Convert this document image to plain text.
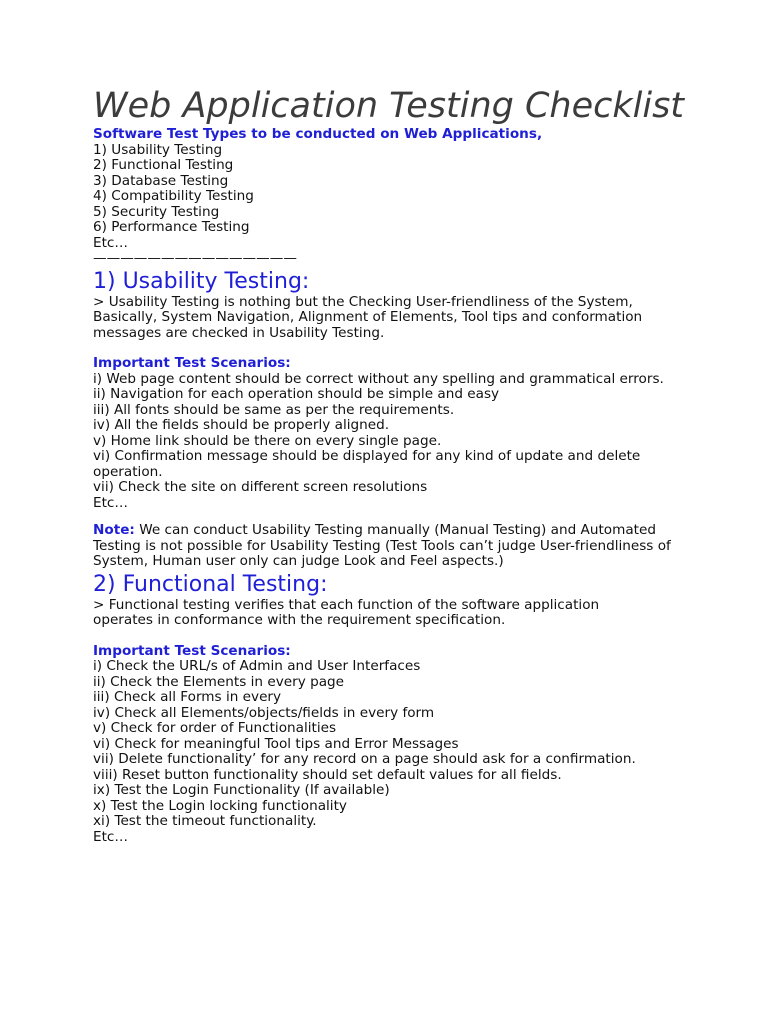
Web Application Testing Checklist

Software Test Types to be conducted on Web Applications,

1) Usability Testing
2) Functional Testing
3) Database Testing
4) Compatibility Testing
5) Security Testing
6) Performance Testing
Etc…

———————————————

1) Usability Testing:

> Usability Testing is nothing but the Checking User-friendliness of the System, Basically, System Navigation, Alignment of Elements, Tool tips and conformation messages are checked in Usability Testing.

Important Test Scenarios:

i) Web page content should be correct without any spelling and grammatical errors.
ii) Navigation for each operation should be simple and easy
iii) All fonts should be same as per the requirements.
iv) All the fields should be properly aligned.
v) Home link should be there on every single page.
vi) Confirmation message should be displayed for any kind of update and delete operation.
vii) Check the site on different screen resolutions
Etc…

Note: We can conduct Usability Testing manually (Manual Testing) and Automated Testing is not possible for Usability Testing (Test Tools can’t judge User-friendliness of System, Human user only can judge Look and Feel aspects.)

2) Functional Testing:

> Functional testing verifies that each function of the software application operates in conformance with the requirement specification.

Important Test Scenarios:

i) Check the URL/s of Admin and User Interfaces
ii) Check the Elements in every page
iii) Check all Forms in every
iv) Check all Elements/objects/fields in every form
v) Check for order of Functionalities
vi) Check for meaningful Tool tips and Error Messages
vii) Delete functionality’ for any record on a page should ask for a confirmation.
viii) Reset button functionality should set default values for all fields.
ix) Test the Login Functionality (If available)
x) Test the Login locking functionality
xi) Test the timeout functionality.
Etc…
